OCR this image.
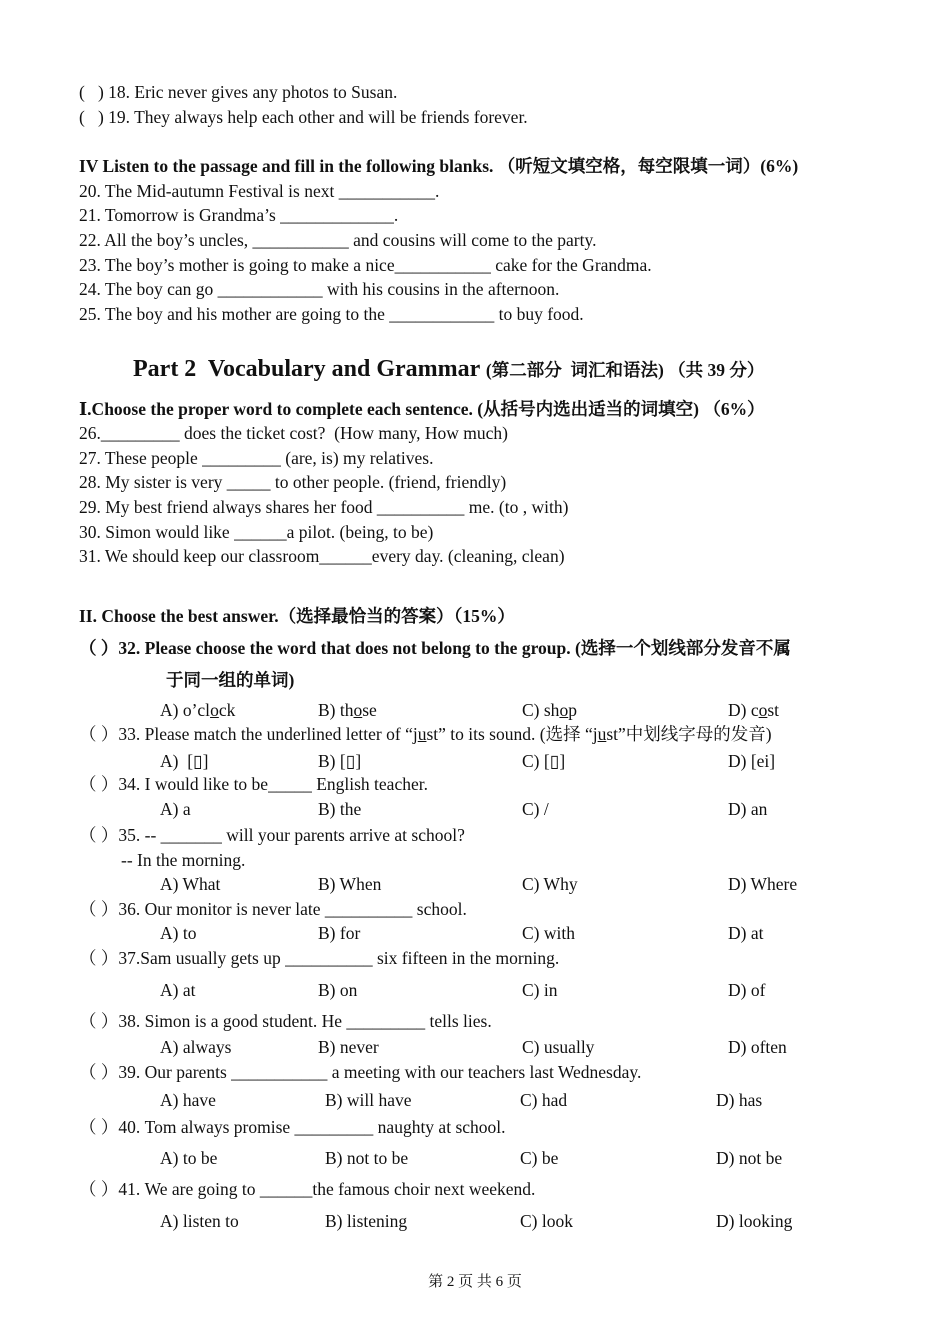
(   ) 18. Eric never gives any photos to Susan.
(   ) 19. They always help each other and will be friends forever.
IV Listen to the passage and fill in the following blanks. （听短文填空格，每空限填一词）(6%)
20. The Mid-autumn Festival is next ___________.
21. Tomorrow is Grandma’s _____________.
22. All the boy’s uncles, ___________ and cousins will come to the party.
23. The boy’s mother is going to make a nice___________ cake for the Grandma.
24. The boy can go ____________ with his cousins in the afternoon.
25. The boy and his mother are going to the ____________ to buy food.
Part 2  Vocabulary and Grammar (第二部分  词汇和语法) （共 39 分）
Ⅰ.Choose the proper word to complete each sentence. (从括号内选出适当的词填空) （6%）
26._________ does the ticket cost?  (How many, How much)
27. These people _________ (are, is) my relatives.
28. My sister is very _____ to other people. (friend, friendly)
29. My best friend always shares her food __________ me. (to , with)
30. Simon would like ______a pilot. (being, to be)
31. We should keep our classroom______every day. (cleaning, clean)
II. Choose the best answer.（选择最恰当的答案）（15%）
（ ）32. Please choose the word that does not belong to the group. (选择一个划线部分发音不属
于同一组的单词)
A) o’clock	B) those	C) shop	D) cost
（ ）33. Please match the underlined letter of “just” to its sound. (选择 “just”中划线字母的发音)
A)  [▯]	B) [▯]	C) [▯]	D) [ei]
（ ）34. I would like to be_____ English teacher.
A) a	B) the	C) /	D) an
（ ）35. -- _______ will your parents arrive at school?
-- In the morning.
A) What	B) When	C) Why	D) Where
（ ）36. Our monitor is never late __________ school.
A) to	B) for	C) with	D) at
（ ）37.Sam usually gets up __________ six fifteen in the morning.
A) at	B) on	C) in	D) of
（ ）38. Simon is a good student. He _________ tells lies.
A) always	B) never	C) usually	D) often
（ ）39. Our parents ___________ a meeting with our teachers last Wednesday.
A) have	B) will have	C) had	D) has
（ ）40. Tom always promise _________ naughty at school.
A) to be	B) not to be	C) be	D) not be
（ ）41. We are going to ______the famous choir next weekend.
A) listen to	B) listening	C) look	D) looking
第 2 页 共 6 页
